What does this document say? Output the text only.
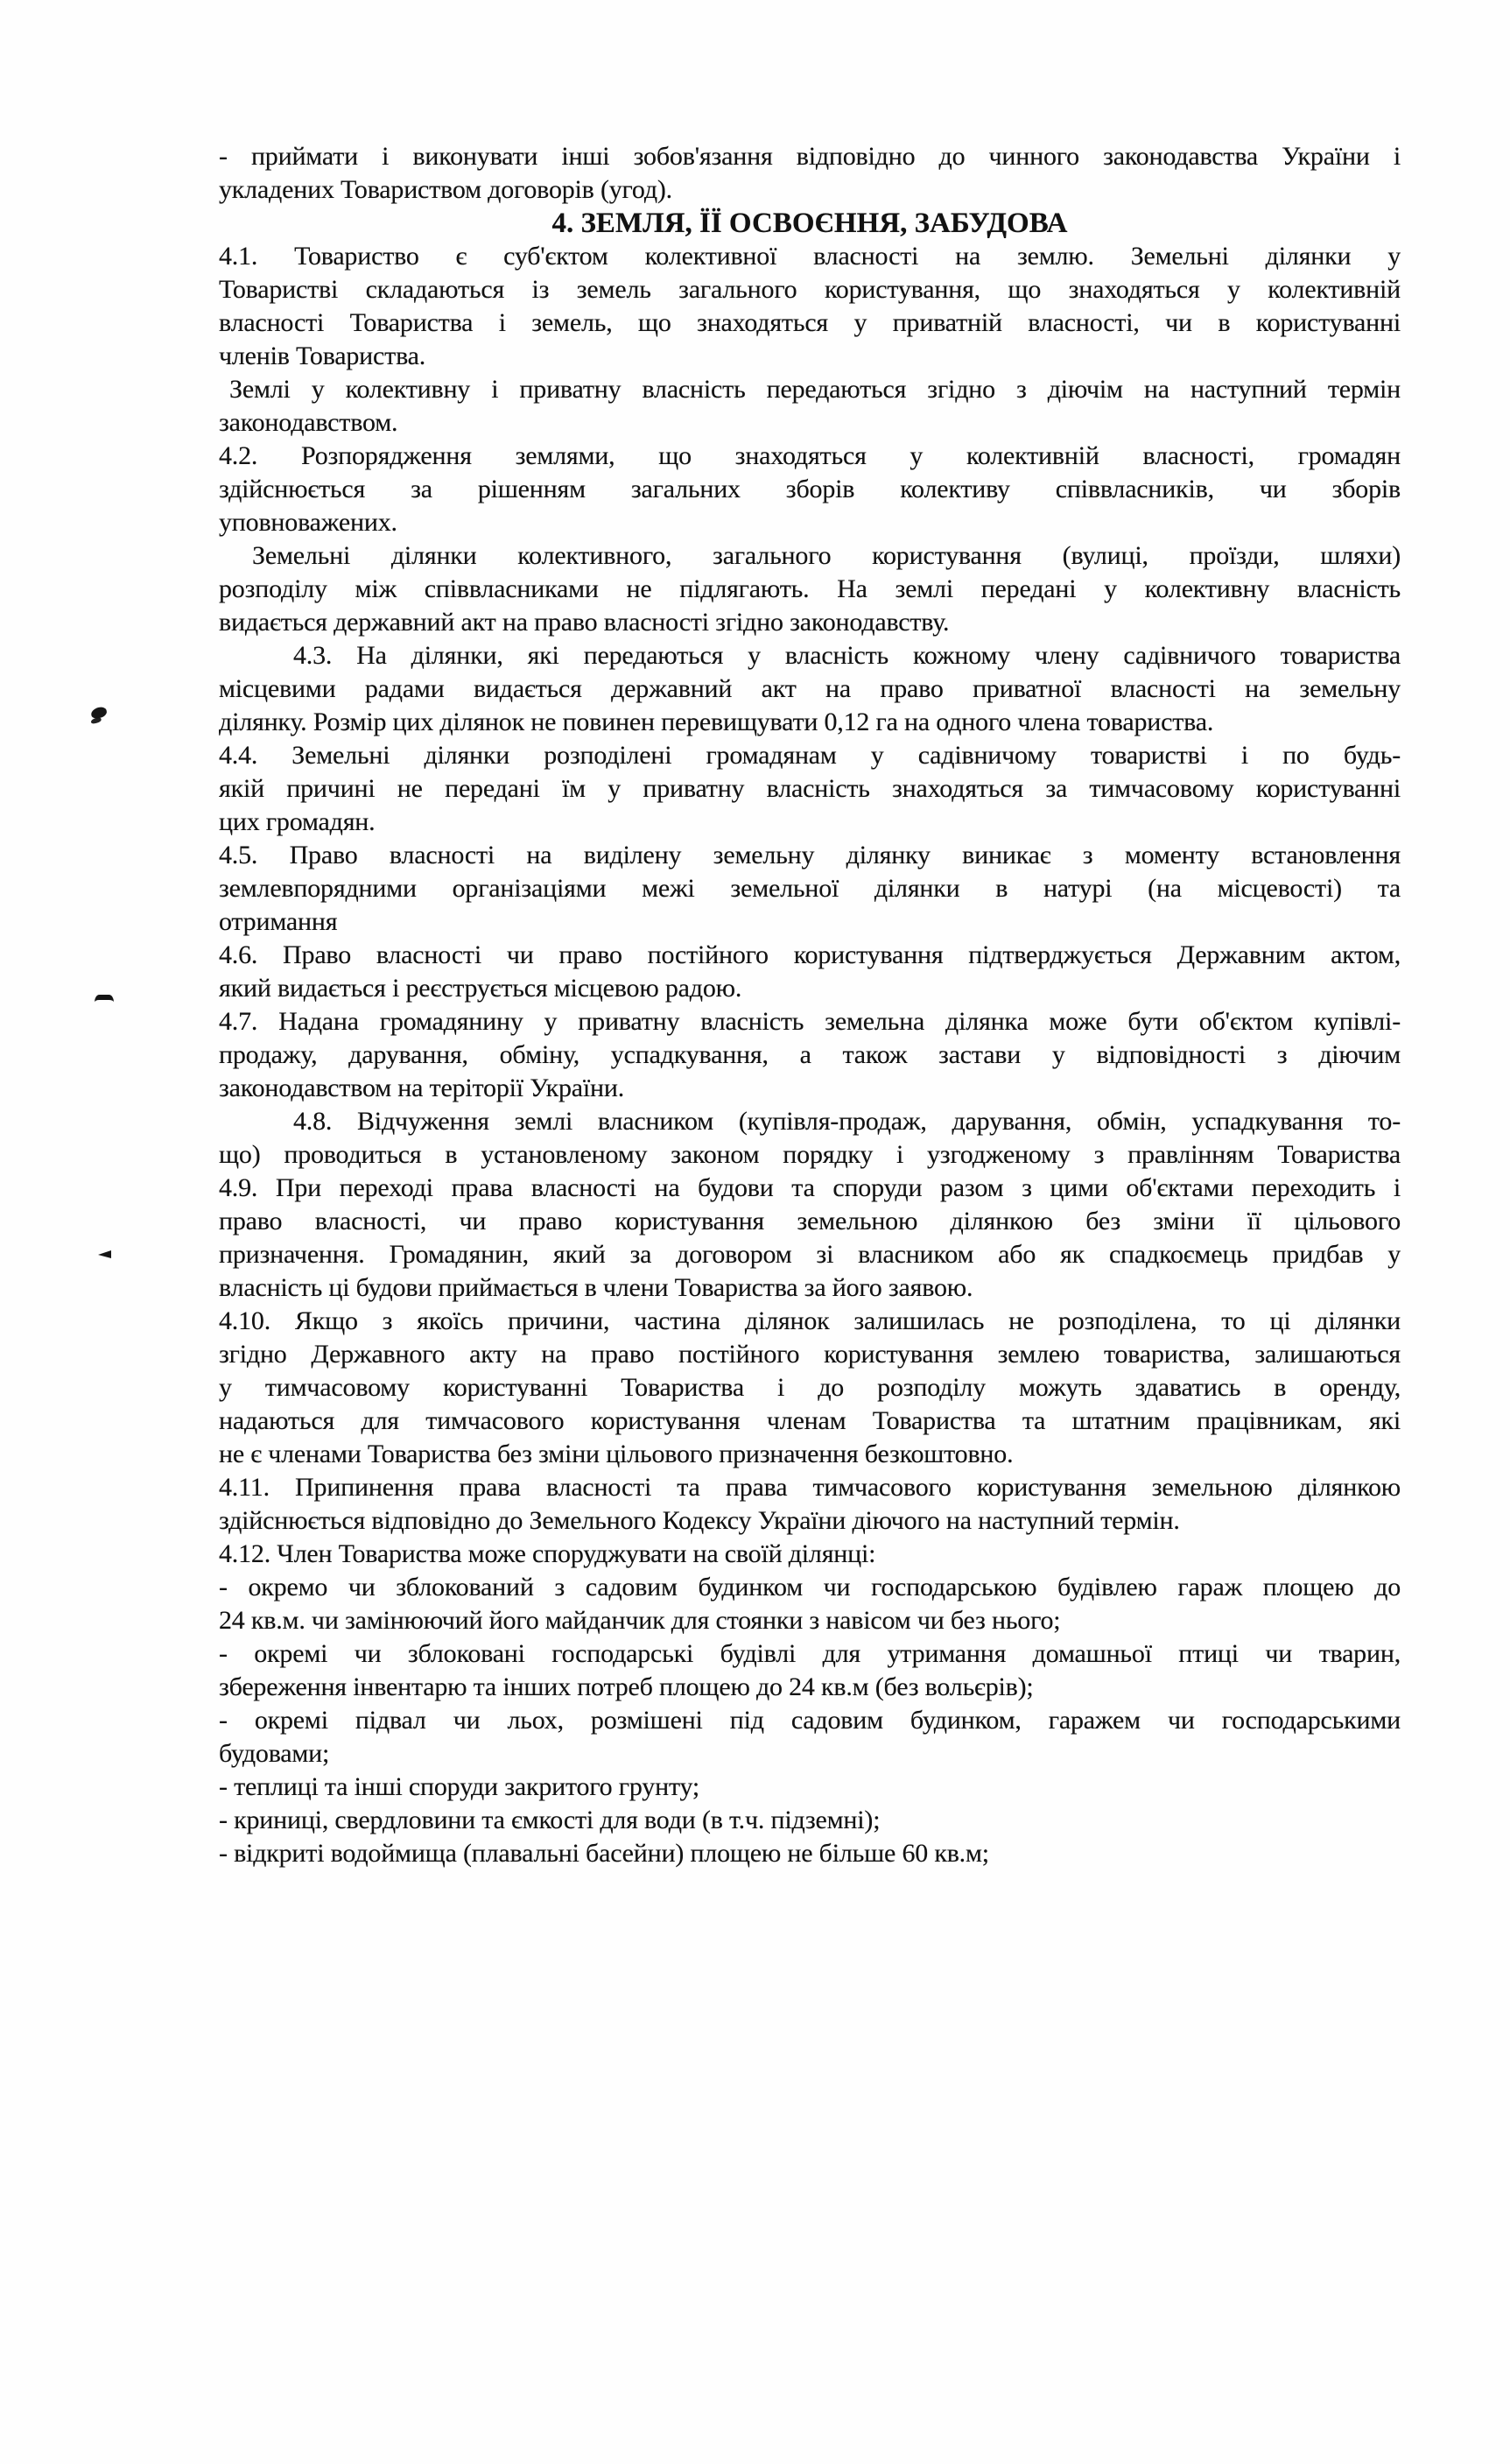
- приймати і виконувати інші зобов'язання відповідно до чинного законодавства України і
укладених Товариством договорів (угод).
4. ЗЕМЛЯ, ЇЇ ОСВОЄННЯ, ЗАБУДОВА
4.1. Товариство є суб'єктом колективної власності на землю. Земельні ділянки у
Товаристві складаються із земель загального користування, що знаходяться у колективній
власності Товариства і земель, що знаходяться у приватній власності, чи в користуванні
членів Товариства.
Землі у колективну і приватну власність передаються згідно з діючім на наступний термін
законодавством.
4.2. Розпорядження землями, що знаходяться у колективній власності, громадян
здійснюється за рішенням загальних зборів колективу співвласників, чи зборів
уповноважених.
Земельні ділянки колективного, загального користування (вулиці, проїзди, шляхи)
розподілу між співвласниками не підлягають. На землі передані у колективну власність
видається державний акт на право власності згідно законодавству.
4.3. На ділянки, які передаються у власність кожному члену садівничого товариства
місцевими радами видається державний акт на право приватної власності на земельну
ділянку. Розмір цих ділянок не повинен перевищувати 0,12 га на одного члена товариства.
4.4. Земельні ділянки розподілені громадянам у садівничому товаристві і по будь-
якій причині не передані їм у приватну власність знаходяться за тимчасовому користуванні
цих громадян.
4.5. Право власності на виділену земельну ділянку виникає з моменту встановлення
землевпорядними організаціями межі земельної ділянки в натурі (на місцевості) та
отримання
4.6. Право власності чи право постійного користування підтверджується Державним актом,
який видається і реєструється місцевою радою.
4.7. Надана громадянину у приватну власність земельна ділянка може бути об'єктом купівлі-
продажу, дарування, обміну, успадкування, а також застави у відповідності з діючим
законодавством на теріторії України.
4.8. Відчуження землі власником (купівля-продаж, дарування, обмін, успадкування то-
що) проводиться в установленому законом порядку і узгодженому з правлінням Товариства
4.9. При переході права власності на будови та споруди разом з цими об'єктами переходить і
право власності, чи право користування земельною ділянкою без зміни її цільового
призначення. Громадянин, який за договором зі власником або як спадкоємець придбав у
власність ці будови приймається в члени Товариства за його заявою.
4.10. Якщо з якоїсь причини, частина ділянок залишилась не розподілена, то ці ділянки
згідно Державного акту на право постійного користування землею товариства, залишаються
у тимчасовому користуванні Товариства і до розподілу можуть здаватись в оренду,
надаються для тимчасового користування членам Товариства та штатним працівникам, які
не є членами Товариства без зміни цільового призначення безкоштовно.
4.11. Припинення права власності та права тимчасового користування земельною ділянкою
здійснюється відповідно до Земельного Кодексу України діючого на наступний термін.
4.12. Член Товариства може споруджувати на своїй ділянці:
- окремо чи зблокований з садовим будинком чи господарською будівлею гараж площею до
24 кв.м. чи замінюючий його майданчик для стоянки з навісом чи без нього;
- окремі чи зблоковані господарські будівлі для утримання домашньої птиці чи тварин,
збереження інвентарю та інших потреб площею до 24 кв.м (без вольєрів);
- окремі підвал чи льох, розмішені під садовим будинком, гаражем чи господарськими
будовами;
- теплиці та інші споруди закритого грунту;
- криниці, свердловини та ємкості для води (в т.ч. підземні);
- відкриті водоймища (плавальні басейни) площею не більше 60 кв.м;
